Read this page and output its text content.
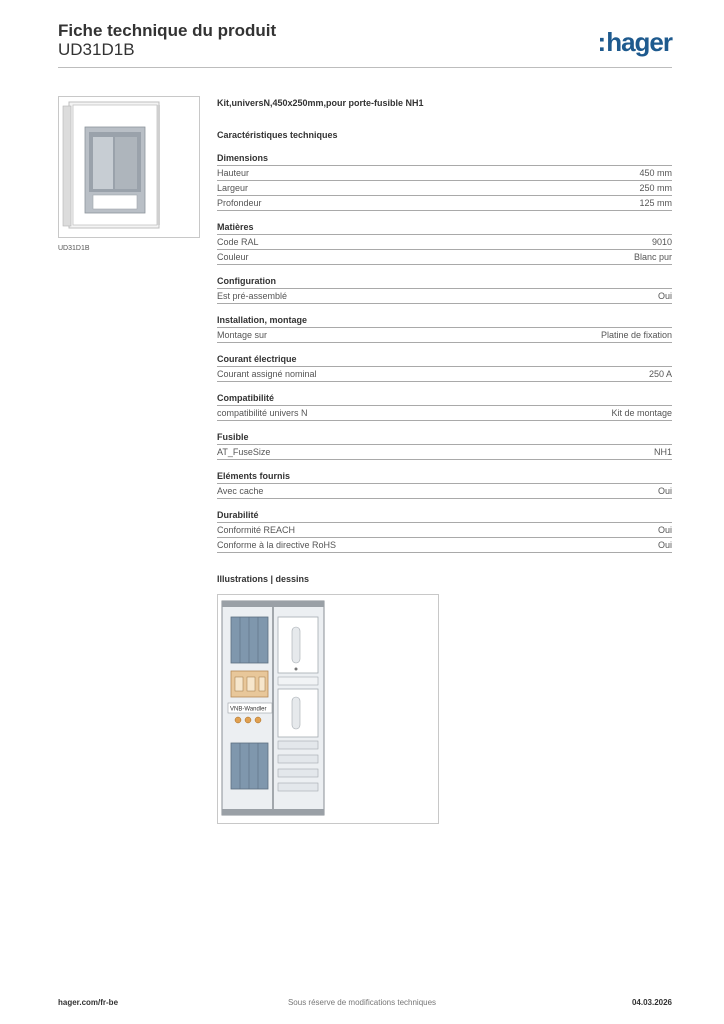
Fiche technique du produit
UD31D1B	:hager
UD31D1B
Kit,universN,450x250mm,pour porte-fusible NH1
Caractéristiques techniques
Dimensions
Hauteur	450 mm
Largeur	250 mm
Profondeur	125 mm
Matières
Code RAL	9010
Couleur	Blanc pur
Configuration
Est pré-assemblé	Oui
Installation, montage
Montage sur	Platine de fixation
Courant électrique
Courant assigné nominal	250 A
Compatibilité
compatibilité univers N	Kit de montage
Fusible
AT_FuseSize	NH1
Eléments fournis
Avec cache	Oui
Durabilité
Conformité REACH	Oui
Conforme à la directive RoHS	Oui
Illustrations | dessins
VNB-Wandler
hager.com/fr-be	Sous réserve de modifications techniques	04.03.2026
